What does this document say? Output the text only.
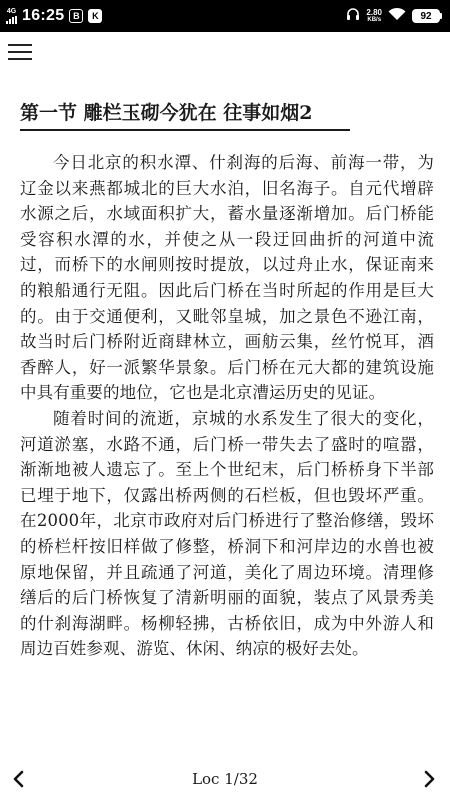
4G 16:25 B	K	2.80
KB/s	92
第一节 雕栏玉砌今犹在 往事如烟2

今日北京的积水潭、什刹海的后海、前海一带，为辽金以来燕都城北的巨大水泊，旧名海子。自元代增辟水源之后，水域面积扩大，蓄水量逐渐增加。后门桥能受容积水潭的水，并使之从一段迂回曲折的河道中流过，而桥下的水闸则按时提放，以过舟止水，保证南来的粮船通行无阻。因此后门桥在当时所起的作用是巨大的。由于交通便利，又毗邻皇城，加之景色不逊江南，故当时后门桥附近商肆林立，画舫云集，丝竹悦耳，酒香醉人，好一派繁华景象。后门桥在元大都的建筑设施中具有重要的地位，它也是北京漕运历史的见证。

随着时间的流逝，京城的水系发生了很大的变化，河道淤塞，水路不通，后门桥一带失去了盛时的喧嚣，渐渐地被人遗忘了。至上个世纪末，后门桥桥身下半部已埋于地下，仅露出桥两侧的石栏板，但也毁坏严重。在2000年，北京市政府对后门桥进行了整治修缮，毁坏的桥栏杆按旧样做了修整，桥洞下和河岸边的水兽也被原地保留，并且疏通了河道，美化了周边环境。清理修缮后的后门桥恢复了清新明丽的面貌，装点了风景秀美的什刹海湖畔。杨柳轻拂，古桥依旧，成为中外游人和周边百姓参观、游览、休闲、纳凉的极好去处。

Loc 1/32
